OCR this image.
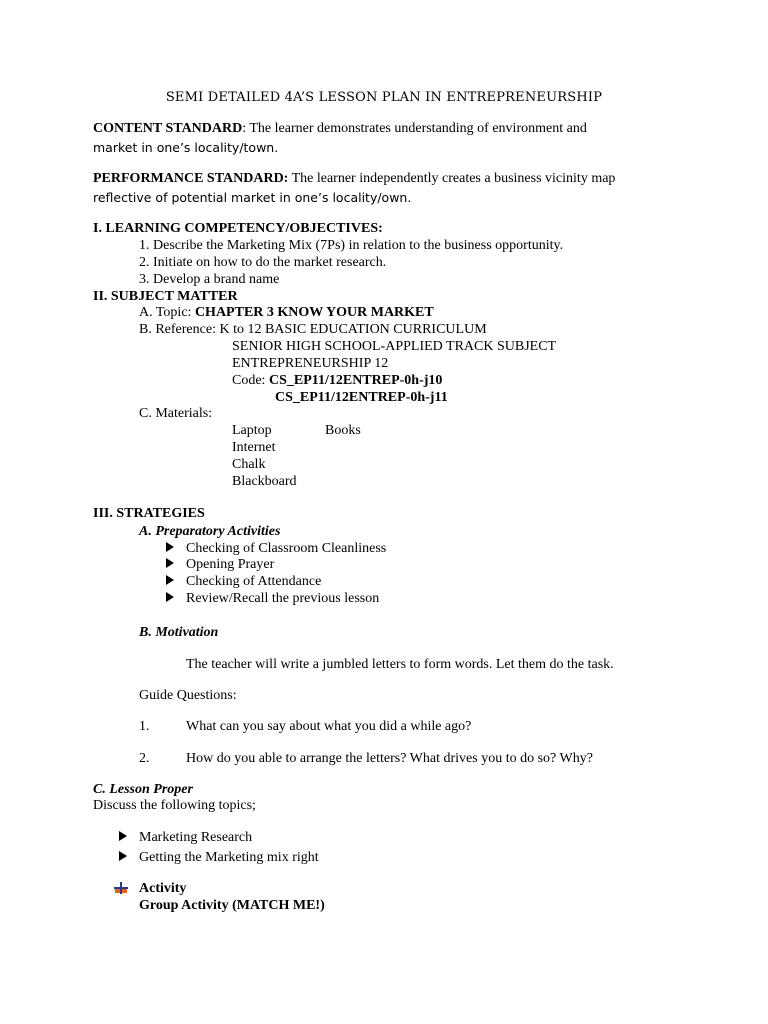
SEMI DETAILED 4A’S LESSON PLAN IN ENTREPRENEURSHIP
CONTENT STANDARD: The learner demonstrates understanding of environment and
market in one’s locality/town.
PERFORMANCE STANDARD: The learner independently creates a business vicinity map
reflective of potential market in one’s locality/own.
I. LEARNING COMPETENCY/OBJECTIVES:
1. Describe the Marketing Mix (7Ps) in relation to the business opportunity.
2. Initiate on how to do the market research.
3. Develop a brand name
II. SUBJECT MATTER
A. Topic: CHAPTER 3 KNOW YOUR MARKET
B. Reference: K to 12 BASIC EDUCATION CURRICULUM
SENIOR HIGH SCHOOL-APPLIED TRACK SUBJECT
ENTREPRENEURSHIP 12
Code: CS_EP11/12ENTREP-0h-j10
CS_EP11/12ENTREP-0h-j11
C. Materials:
Laptop	Books
Internet
Chalk
Blackboard
III. STRATEGIES
A. Preparatory Activities
Checking of Classroom Cleanliness
Opening Prayer
Checking of Attendance
Review/Recall the previous lesson
B. Motivation
The teacher will write a jumbled letters to form words. Let them do the task.
Guide Questions:
1.	What can you say about what you did a while ago?
2.	How do you able to arrange the letters? What drives you to do so? Why?
C. Lesson Proper
Discuss the following topics;
Marketing Research
Getting the Marketing mix right
Activity
Group Activity (MATCH ME!)
